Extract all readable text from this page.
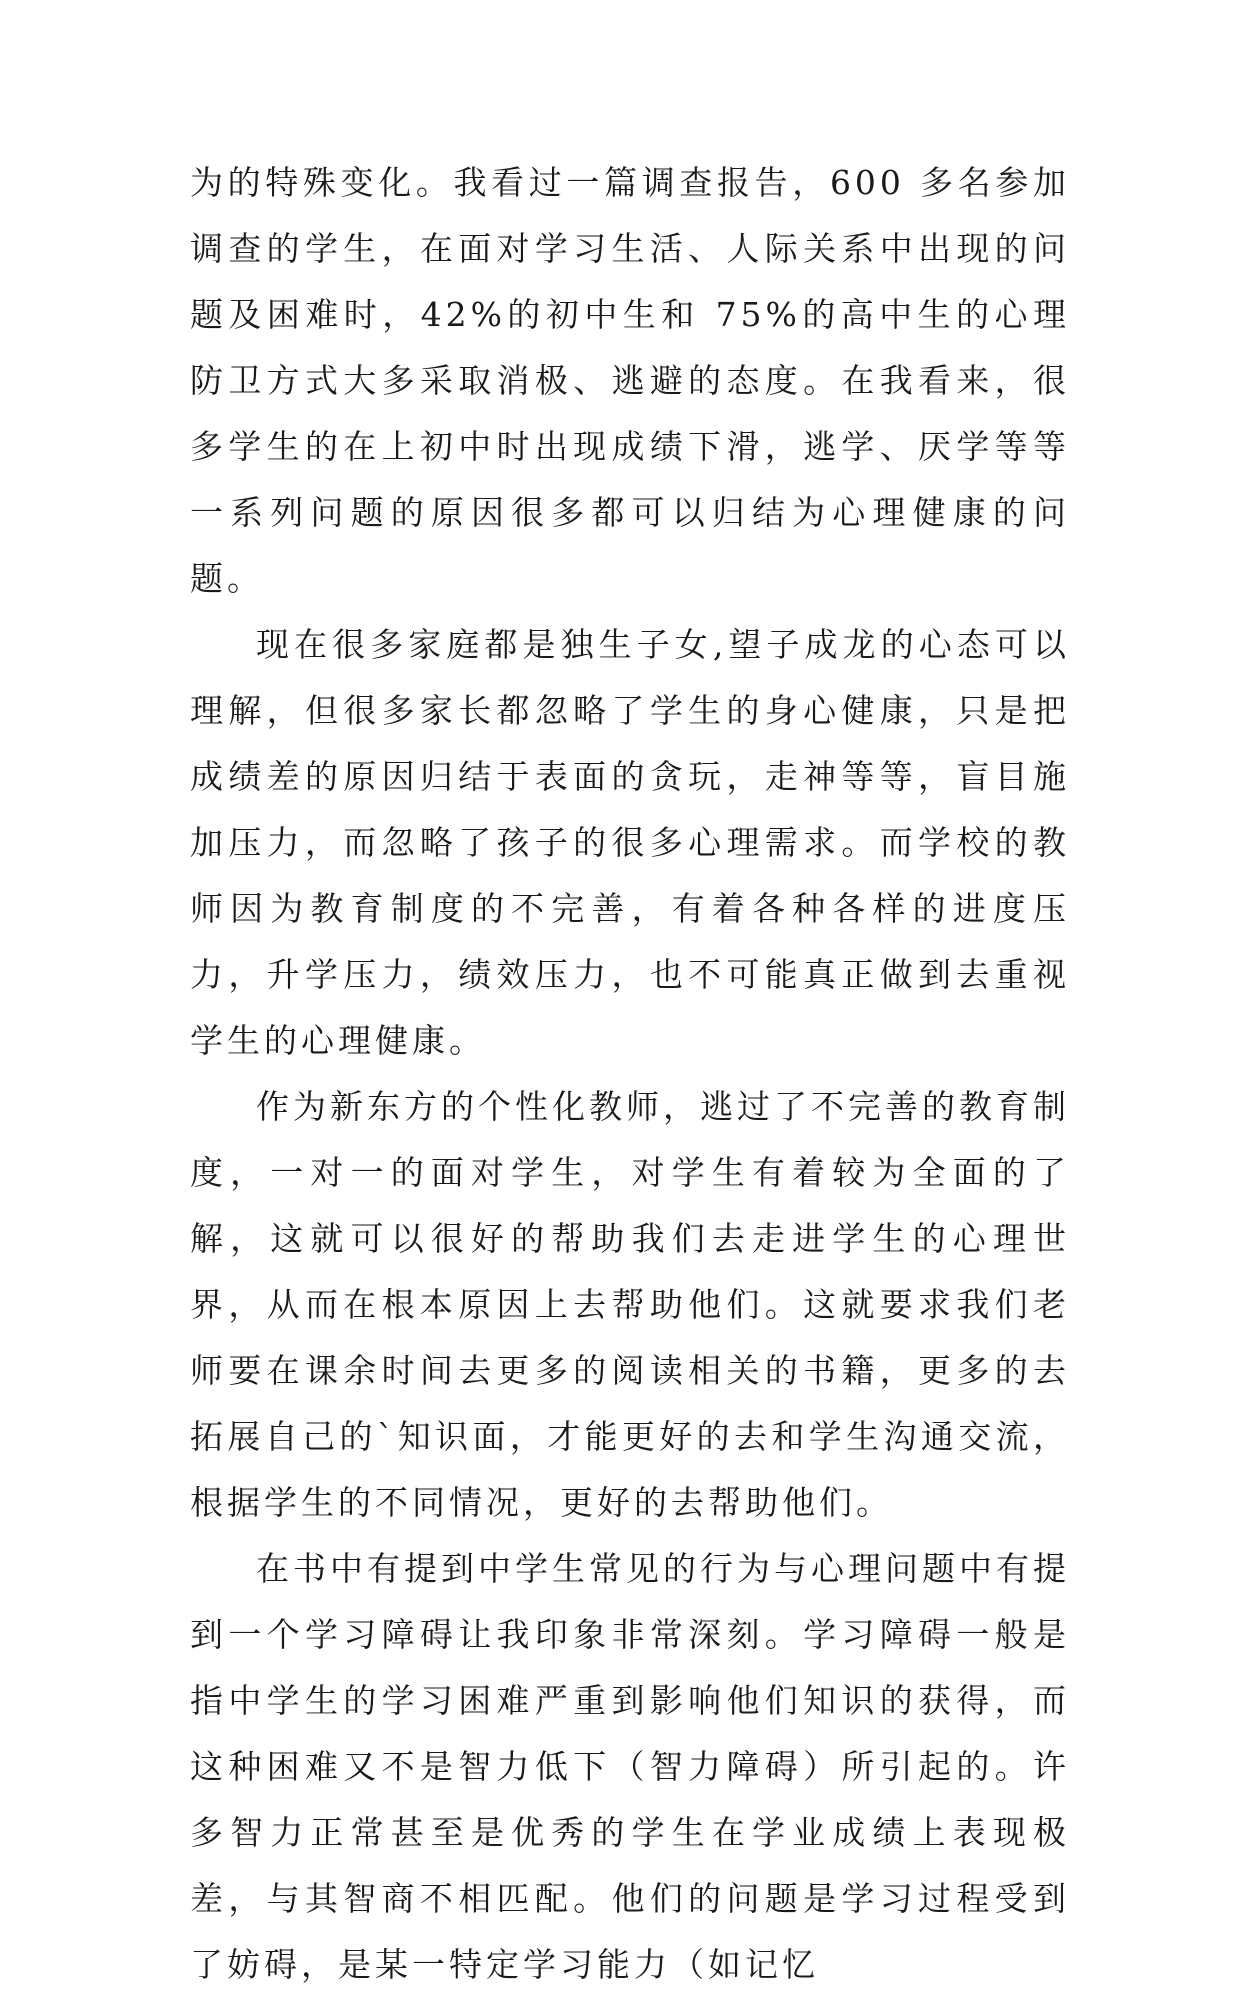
为的特殊变化。我看过一篇调查报告，600 多名参加调查的学生，在面对学习生活、人际关系中出现的问题及困难时，42%的初中生和 75%的高中生的心理防卫方式大多采取消极、逃避的态度。在我看来，很多学生的在上初中时出现成绩下滑，逃学、厌学等等一系列问题的原因很多都可以归结为心理健康的问题。

现在很多家庭都是独生子女,望子成龙的心态可以理解，但很多家长都忽略了学生的身心健康，只是把成绩差的原因归结于表面的贪玩，走神等等，盲目施加压力，而忽略了孩子的很多心理需求。而学校的教师因为教育制度的不完善，有着各种各样的进度压力，升学压力，绩效压力，也不可能真正做到去重视学生的心理健康。

作为新东方的个性化教师，逃过了不完善的教育制度，一对一的面对学生，对学生有着较为全面的了解，这就可以很好的帮助我们去走进学生的心理世界，从而在根本原因上去帮助他们。这就要求我们老师要在课余时间去更多的阅读相关的书籍，更多的去拓展自己的`知识面，才能更好的去和学生沟通交流，根据学生的不同情况，更好的去帮助他们。

在书中有提到中学生常见的行为与心理问题中有提到一个学习障碍让我印象非常深刻。学习障碍一般是指中学生的学习困难严重到影响他们知识的获得，而这种困难又不是智力低下（智力障碍）所引起的。许多智力正常甚至是优秀的学生在学业成绩上表现极差，与其智商不相匹配。他们的问题是学习过程受到了妨碍，是某一特定学习能力（如记忆
